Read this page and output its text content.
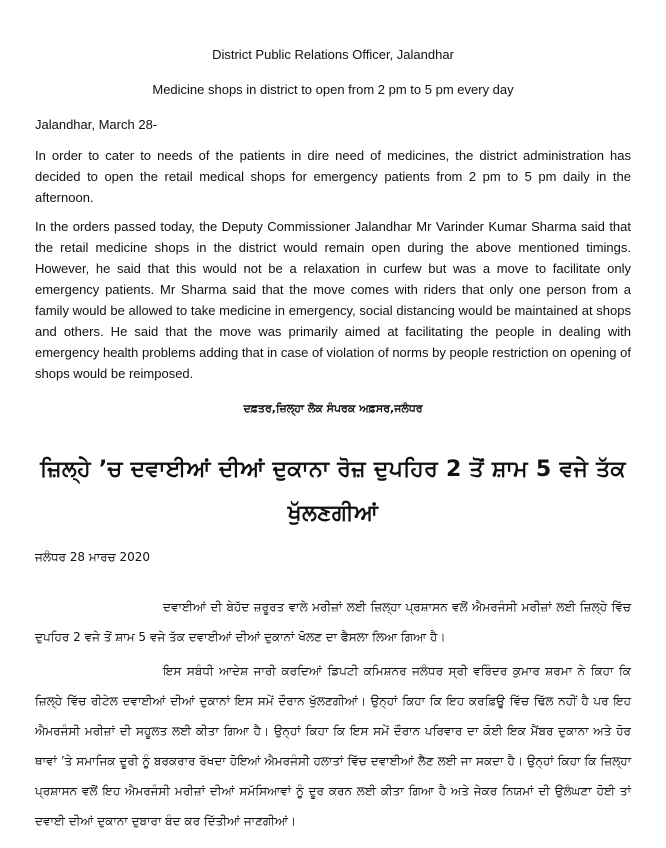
District Public Relations Officer, Jalandhar
Medicine shops in district to open from 2 pm to 5 pm every day
Jalandhar, March 28-
In order to cater to needs of the patients in dire need of medicines, the district administration has decided to open the retail medical shops for emergency patients from 2 pm to 5 pm daily in the afternoon.
In the orders passed today, the Deputy Commissioner Jalandhar Mr Varinder Kumar Sharma said that the retail medicine shops in the district would remain open during the above mentioned timings. However, he said that this would not be a relaxation in curfew but was a move to facilitate only emergency patients. Mr Sharma said that the move comes with riders that only one person from a family would be allowed to take medicine in emergency, social distancing would be maintained at shops and others. He said that the move was primarily aimed at facilitating the people in dealing with emergency health problems adding that in case of violation of norms by people restriction on opening of shops would be reimposed.
ਦਫ਼ਤਰ,ਜ਼ਿਲ੍ਹਾ ਲੋਕ ਸੰਪਰਕ ਅਫ਼ਸਰ,ਜਲੰਧਰ
ਜ਼ਿਲ੍ਹੇ ’ਚ ਦਵਾਈਆਂ ਦੀਆਂ ਦੁਕਾਨਾ ਰੋਜ਼ ਦੁਪਹਿਰ 2 ਤੋਂ ਸ਼ਾਮ 5 ਵਜੇ ਤੱਕ ਖੁੱਲਣਗੀਆਂ
ਜਲੰਧਰ 28 ਮਾਰਚ 2020
ਦਵਾਈਆਂ ਦੀ ਬੇਹੱਦ ਜ਼ਰੂਰਤ ਵਾਲੇ ਮਰੀਜ਼ਾਂ ਲਈ ਜ਼ਿਲ੍ਹਾ ਪ੍ਰਸ਼ਾਸਨ ਵਲੋਂ ਐਮਰਜੰਸੀ ਮਰੀਜ਼ਾਂ ਲਈ ਜ਼ਿਲ੍ਹੇ ਵਿੱਚ ਦੁਪਹਿਰ 2 ਵਜੇ ਤੋਂ ਸ਼ਾਮ 5 ਵਜੇ ਤੱਕ ਦਵਾਈਆਂ ਦੀਆਂ ਦੁਕਾਨਾਂ ਖੋਲਣ ਦਾ ਫੈਸਲਾ ਲਿਆ ਗਿਆ ਹੈ।
ਇਸ ਸਬੰਧੀ ਆਦੇਸ਼ ਜਾਰੀ ਕਰਦਿਆਂ ਡਿਪਟੀ ਕਮਿਸ਼ਨਰ ਜਲੰਧਰ ਸ੍ਰੀ ਵਰਿੰਦਰ ਕੁਮਾਰ ਸ਼ਰਮਾ ਨੇ ਕਿਹਾ ਕਿ ਜ਼ਿਲ੍ਹੇ ਵਿੱਚ ਰੀਟੇਲ ਦਵਾਈਆਂ ਦੀਆਂ ਦੁਕਾਨਾਂ ਇਸ ਸਮੇਂ ਦੌਰਾਨ ਖੁੱਲਣਗੀਆਂ। ਉਨ੍ਹਾਂ ਕਿਹਾ ਕਿ ਇਹ ਕਰਫ਼ਿਊ ਵਿੱਚ ਢਿੱਲ ਨਹੀਂ ਹੈ ਪਰ ਇਹ ਐਮਰਜੰਸੀ ਮਰੀਜ਼ਾਂ ਦੀ ਸਹੂਲਤ ਲਈ ਕੀਤਾ ਗਿਆ ਹੈ। ਉਨ੍ਹਾਂ ਕਿਹਾ ਕਿ ਇਸ ਸਮੇਂ ਦੌਰਾਨ ਪਰਿਵਾਰ ਦਾ ਕੋਈ ਇਕ ਮੈਂਬਰ ਦੁਕਾਨਾ ਅਤੇ ਹੋਰ ਥਾਵਾਂ ’ਤੇ ਸਮਾਜਿਕ ਦੂਰੀ ਨੂੰ ਬਰਕਰਾਰ ਰੱਖਦਾ ਹੋਇਆਂ ਐਮਰਜੰਸੀ ਹਲਾਤਾਂ ਵਿੱਚ ਦਵਾਈਆਂ ਲੈਣ ਲਈ ਜਾ ਸਕਦਾ ਹੈ। ਉਨ੍ਹਾਂ ਕਿਹਾ ਕਿ ਜ਼ਿਲ੍ਹਾ ਪ੍ਰਸ਼ਾਸਨ ਵਲੋਂ ਇਹ ਐਮਰਜੰਸੀ ਮਰੀਜ਼ਾਂ ਦੀਆਂ ਸਮੱਸਿਆਵਾਂ ਨੂੰ ਦੂਰ ਕਰਨ ਲਈ ਕੀਤਾ ਗਿਆ ਹੈ ਅਤੇ ਜੇਕਰ ਨਿਯਮਾਂ ਦੀ ਉਲੰਘਣਾ ਹੋਈ ਤਾਂ ਦਵਾਈ ਦੀਆਂ ਦੁਕਾਨਾ ਦੁਬਾਰਾ ਬੰਦ ਕਰ ਦਿੱਤੀਆਂ ਜਾਣਗੀਆਂ।
